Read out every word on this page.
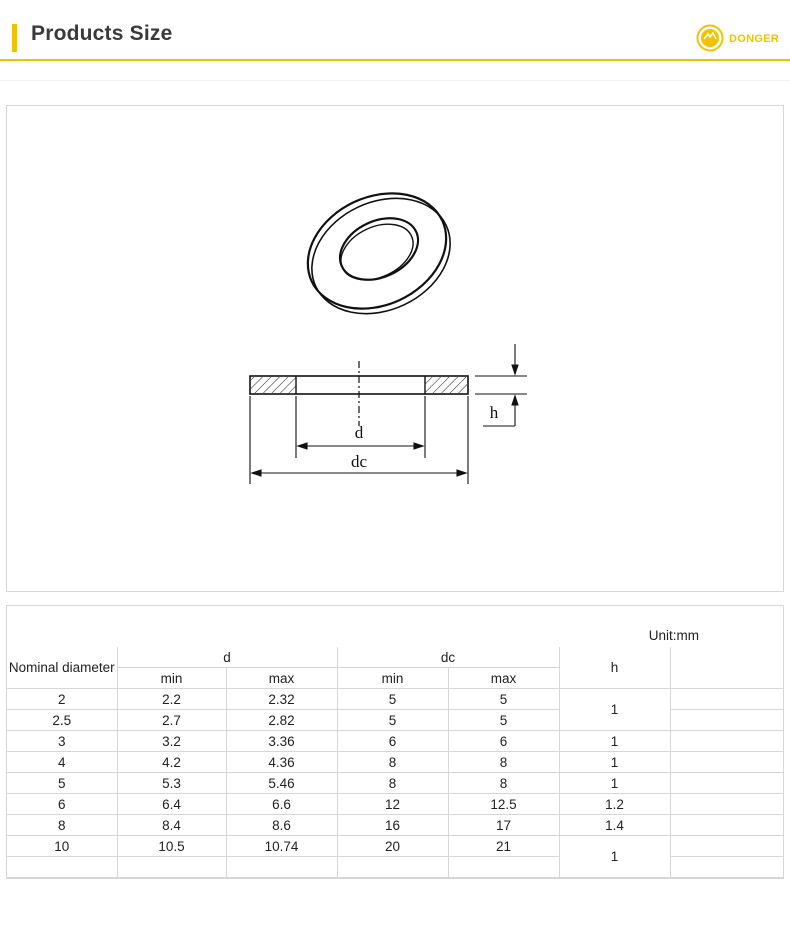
Products Size	DONGER
d
dc
h
Unit:mm
Nominal diameter	d		dc		h	
	min	max	min	max		
2	2.2	2.32	5	5	1	
2.5	2.7	2.82	5	5		
3	3.2	3.36	6	6	1	
4	4.2	4.36	8	8	1	
5	5.3	5.46	8	8	1	
6	6.4	6.6	12	12.5	1.2	
8	8.4	8.6	16	17	1.4	
10	10.5	10.74	20	21	1	
